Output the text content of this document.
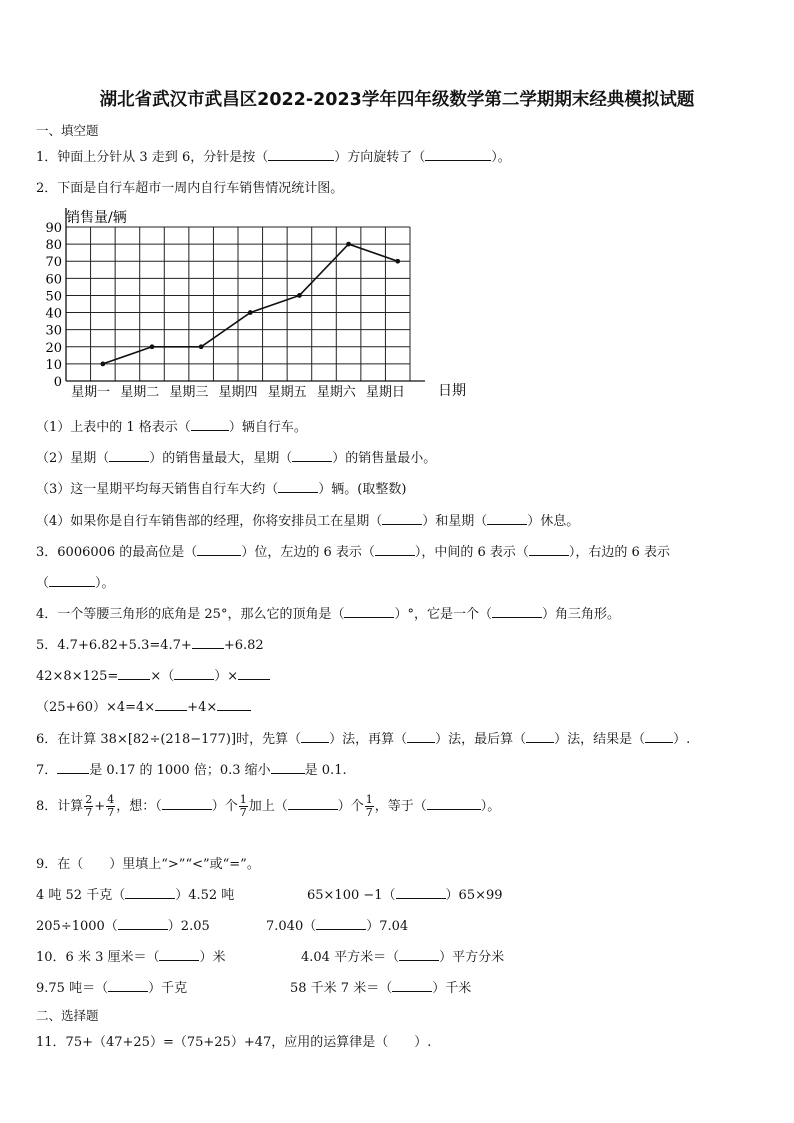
湖北省武汉市武昌区2022-2023学年四年级数学第二学期期末经典模拟试题
一、填空题
1．钟面上分针从 3 走到 6，分针是按（	）方向旋转了（	）。
2．下面是自行车超市一周内自行车销售情况统计图。
0
10
20
30
40
50
60
70
80
90
星期一 星期二 星期三 星期四 星期五 星期六 星期日
销售量/辆
日期
（1）上表中的 1 格表示（	）辆自行车。
（2）星期（	）的销售量最大，星期（	）的销售量最小。
（3）这一星期平均每天销售自行车大约（	）辆。(取整数)
（4）如果你是自行车销售部的经理，你将安排员工在星期（	）和星期（	）休息。
3．6006006 的最高位是（	）位，左边的 6 表示（	），中间的 6 表示（	），右边的 6 表示
（	）。
4．一个等腰三角形的底角是 25°，那么它的顶角是（	）°，它是一个（	）角三角形。
5．4.7+6.82+5.3=4.7+ +6.82
42×8×125= ×（	）×
（25+60）×4=4× +4×
6．在计算 38×[82÷(218−177)]时，先算（ ）法，再算（ ）法，最后算（ ）法，结果是（ ）.
7． 是 0.17 的 1000 倍；0.3 缩小	是 0.1.
8．计算 $\frac{2}{7} + \frac{4}{7}$ ，想：（	）个 $\frac{1}{7}$ 加上（	）个 $\frac{1}{7}$ ，等于（	）。
9．在（　　）里填上“>”“<”或“=”。
4 吨 52 千克（	）4.52 吨	65×100 −1（	）65×99
205÷1000（	）2.05	7.040（	）7.04
10．6 米 3 厘米＝（	）米	4.04 平方米＝（	）平方分米
9.75 吨＝（	）千克	58 千米 7 米＝（	）千米
二、选择题
11．75+（47+25）=（75+25）+47，应用的运算律是（　　）.
